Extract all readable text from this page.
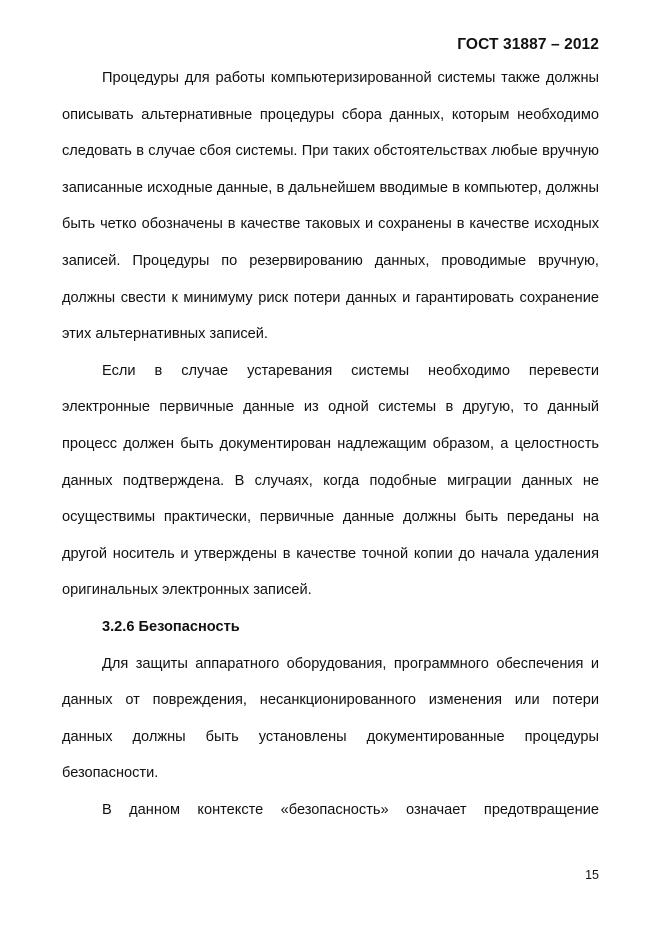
ГОСТ 31887 – 2012

Процедуры для работы компьютеризированной системы также должны описывать альтернативные процедуры сбора данных, которым необходимо следовать в случае сбоя системы. При таких обстоятельствах любые вручную записанные исходные данные, в дальнейшем вводимые в компьютер, должны быть четко обозначены в качестве таковых и сохранены в качестве исходных записей. Процедуры по резервированию данных, проводимые вручную, должны свести к минимуму риск потери данных и гарантировать сохранение этих альтернативных записей.

Если в случае устаревания системы необходимо перевести электронные первичные данные из одной системы в другую, то данный процесс должен быть документирован надлежащим образом, а целостность данных подтверждена. В случаях, когда подобные миграции данных не осуществимы практически, первичные данные должны быть переданы на другой носитель и утверждены в качестве точной копии до начала удаления оригинальных электронных записей.

3.2.6 Безопасность

Для защиты аппаратного оборудования, программного обеспечения и данных от повреждения, несанкционированного изменения или потери данных должны быть установлены документированные процедуры безопасности.

В данном контексте «безопасность» означает предотвращение

15
